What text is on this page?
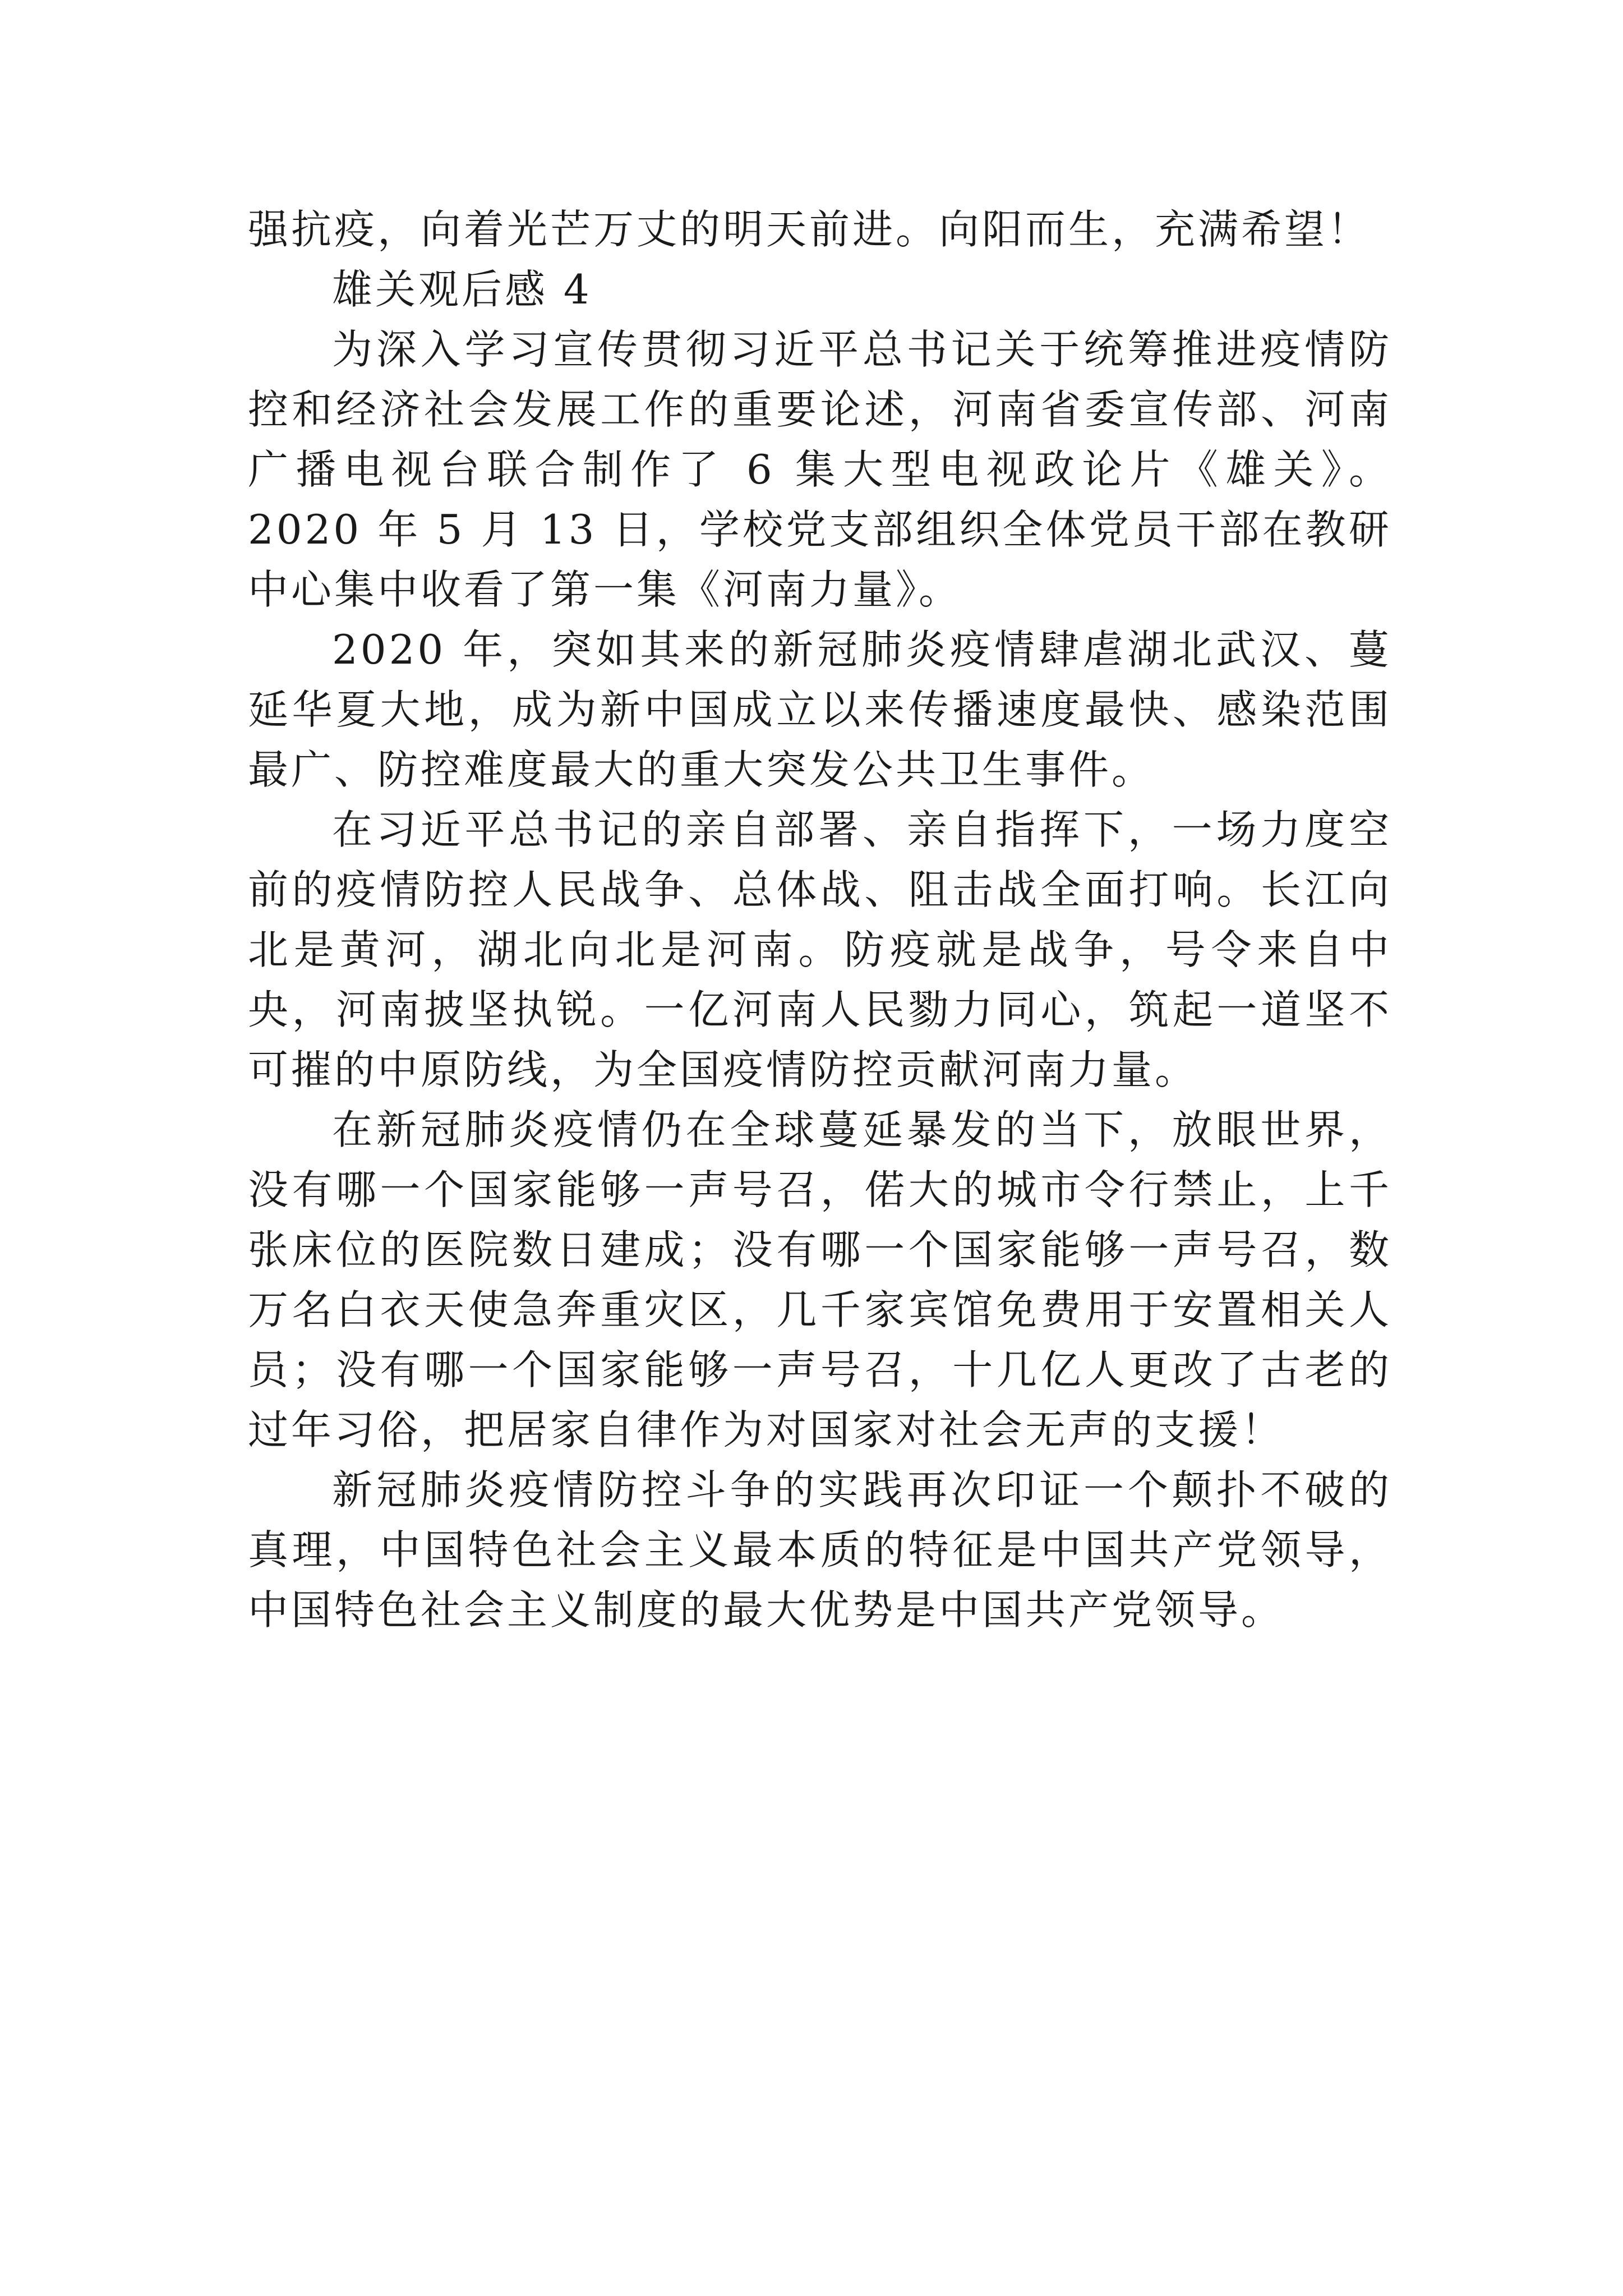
强抗疫，向着光芒万丈的明天前进。向阳而生，充满希望！

雄关观后感 4

为深入学习宣传贯彻习近平总书记关于统筹推进疫情防控和经济社会发展工作的重要论述，河南省委宣传部、河南广播电视台联合制作了 6 集大型电视政论片《雄关》。2020 年 5 月 13 日，学校党支部组织全体党员干部在教研中心集中收看了第一集《河南力量》。

2020 年，突如其来的新冠肺炎疫情肆虐湖北武汉、蔓延华夏大地，成为新中国成立以来传播速度最快、感染范围最广、防控难度最大的重大突发公共卫生事件。

在习近平总书记的亲自部署、亲自指挥下，一场力度空前的疫情防控人民战争、总体战、阻击战全面打响。长江向北是黄河，湖北向北是河南。防疫就是战争，号令来自中央，河南披坚执锐。一亿河南人民勠力同心，筑起一道坚不可摧的中原防线，为全国疫情防控贡献河南力量。

在新冠肺炎疫情仍在全球蔓延暴发的当下，放眼世界，没有哪一个国家能够一声号召，偌大的城市令行禁止，上千张床位的医院数日建成；没有哪一个国家能够一声号召，数万名白衣天使急奔重灾区，几千家宾馆免费用于安置相关人员；没有哪一个国家能够一声号召，十几亿人更改了古老的过年习俗，把居家自律作为对国家对社会无声的支援！

新冠肺炎疫情防控斗争的实践再次印证一个颠扑不破的真理，中国特色社会主义最本质的特征是中国共产党领导，中国特色社会主义制度的最大优势是中国共产党领导。
